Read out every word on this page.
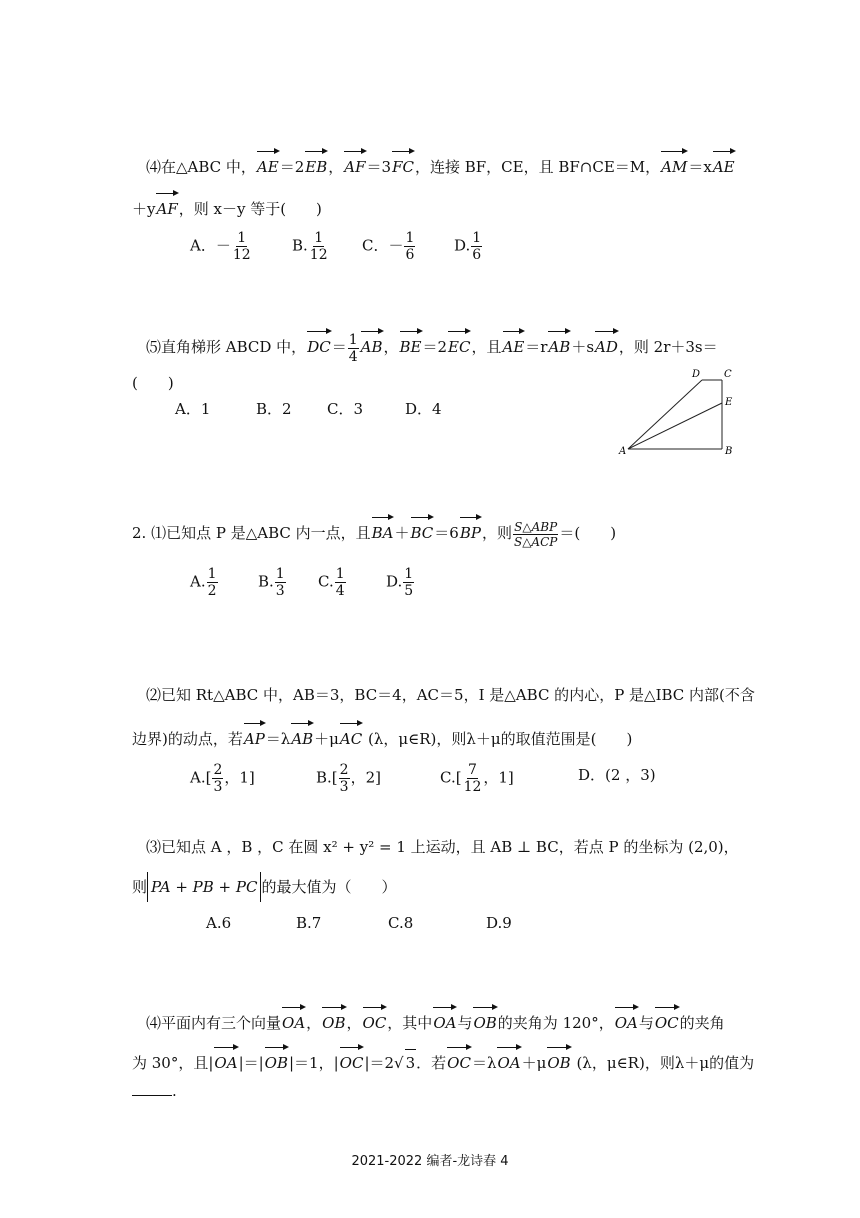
⑷在△ABC 中，AE＝2EB，AF＝3FC，连接 BF，CE，且 BF∩CE＝M，AM＝xAE
＋yAF，则 x－y 等于(　　)
A．－ $\frac{1}{12}$	B. $\frac{1}{12}$ C．－ $\frac{1}{6}$	D. $\frac{1}{6}$
⑸直角梯形 ABCD 中，$DC= \frac{1}{4}$ AB，BE＝2EC，且AE＝rAB＋sAD，则 2r＋3s＝
(　　)
A．1	B．2 C．3	D．4
A	B
C
D
E
2. ⑴已知点 P 是△ABC 内一点，且BA＋BC＝6BP，则 $\frac{\text{S△ABP}}{\text{S△ACP}}$ ＝(　　)
A. $\frac{1}{2}$	B. $\frac{1}{3} C$. $\frac{1}{4}$	D. $\frac{1}{5}$
⑵已知 Rt△ABC 中，AB＝3，BC＝4，AC＝5，I 是△ABC 的内心，P 是△IBC 内部(不含
边界)的动点，若AP＝λAB＋μAC (λ，μ∈R)，则λ＋μ的取值范围是(　　)
$A.[ \frac{2}{3}$ ，1]	$B.[ \frac{2}{3}$ ，2]	$C.[ \frac{7}{12}$ ，1]	D．(2 ，3)
⑶已知点 A ，B ，C 在圆 x² + y² = 1 上运动，且 AB ⊥ BC，若点 P 的坐标为 (2,0)，
则 PA + PB + PC 的最大值为（　　）
A.6	B.7	C.8	D.9
⑷平面内有三个向量OA，OB，OC，其中OA与OB的夹角为 120°，OA与OC的夹角
为 30°，且|OA|＝|OB|＝1，|OC|＝2√ 3．若OC＝λOA＋μOB (λ，μ∈R)，则λ＋μ的值为
.
2021-2022 编者-龙诗春 4
